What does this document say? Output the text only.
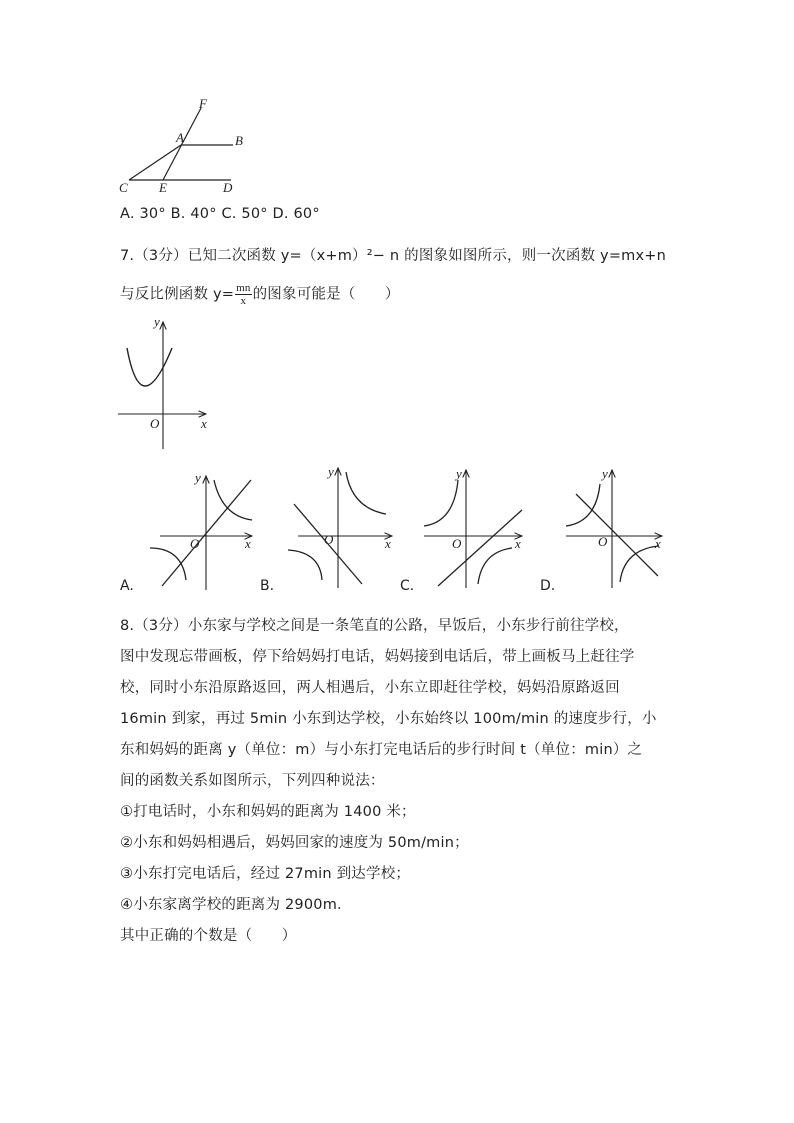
F
A	B
C E	D
A. 30° B. 40° C. 50° D. 60°
7.（3分）已知二次函数 y=（x+m）²− n 的图象如图所示，则一次函数 y=mx+n
与反比例函数 $y= \frac{mn}{x}$ 的图象可能是（　　）
y
x
O
y
x
O
A.
y
x
O
B.
y
x
O
C.
y
x
O
D.
8.（3分）小东家与学校之间是一条笔直的公路，早饭后，小东步行前往学校，
图中发现忘带画板，停下给妈妈打电话，妈妈接到电话后，带上画板马上赶往学
校，同时小东沿原路返回，两人相遇后，小东立即赶往学校，妈妈沿原路返回
16min 到家，再过 5min 小东到达学校，小东始终以 100m/min 的速度步行，小
东和妈妈的距离 y（单位：m）与小东打完电话后的步行时间 t（单位：min）之
间的函数关系如图所示，下列四种说法：
①打电话时，小东和妈妈的距离为 1400 米；
②小东和妈妈相遇后，妈妈回家的速度为 50m/min；
③小东打完电话后，经过 27min 到达学校；
④小东家离学校的距离为 2900m．
其中正确的个数是（　　）
